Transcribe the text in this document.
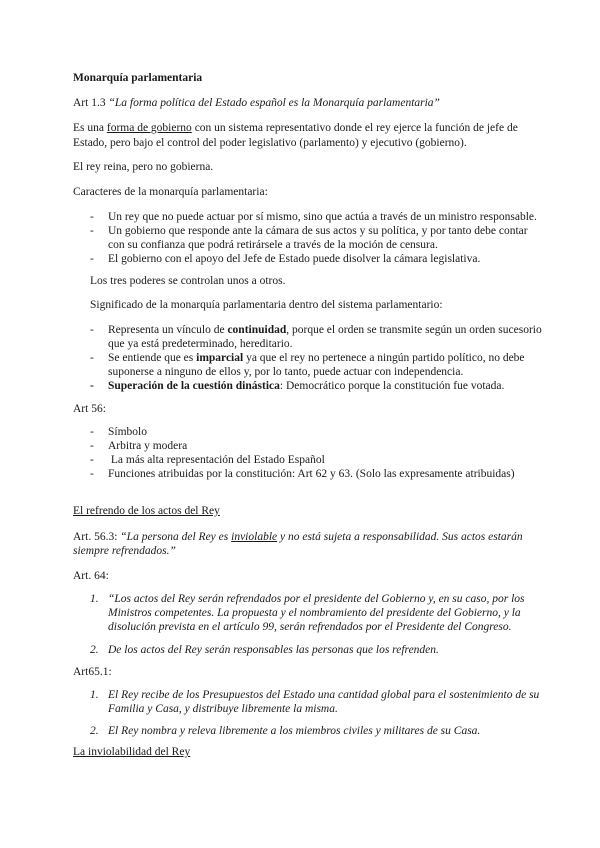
Monarquía parlamentaria
Art 1.3 “La forma política del Estado español es la Monarquía parlamentaria”
Es una forma de gobierno con un sistema representativo donde el rey ejerce la función de jefe de
Estado, pero bajo el control del poder legislativo (parlamento) y ejecutivo (gobierno).
El rey reina, pero no gobierna.
Caracteres de la monarquía parlamentaria:
- Un rey que no puede actuar por sí mismo, sino que actúa a través de un ministro responsable.
- Un gobierno que responde ante la cámara de sus actos y su política, y por tanto debe contar
con su confianza que podrá retirársele a través de la moción de censura.
- El gobierno con el apoyo del Jefe de Estado puede disolver la cámara legislativa.
Los tres poderes se controlan unos a otros.
Significado de la monarquía parlamentaria dentro del sistema parlamentario:
- Representa un vínculo de continuidad, porque el orden se transmite según un orden sucesorio
que ya está predeterminado, hereditario.
- Se entiende que es imparcial ya que el rey no pertenece a ningún partido político, no debe
suponerse a ninguno de ellos y, por lo tanto, puede actuar con independencia.
- Superación de la cuestión dinástica: Democrático porque la constitución fue votada.
Art 56:
- Símbolo
- Arbitra y modera
- La más alta representación del Estado Español
- Funciones atribuidas por la constitución: Art 62 y 63. (Solo las expresamente atribuidas)
El refrendo de los actos del Rey
Art. 56.3: “La persona del Rey es inviolable y no está sujeta a responsabilidad. Sus actos estarán
siempre refrendados.”
Art. 64:
1. “Los actos del Rey serán refrendados por el presidente del Gobierno y, en su caso, por los
Ministros competentes. La propuesta y el nombramiento del presidente del Gobierno, y la
disolución prevista en el artículo 99, serán refrendados por el Presidente del Congreso.
2. De los actos del Rey serán responsables las personas que los refrenden.
Art65.1:
1. El Rey recibe de los Presupuestos del Estado una cantidad global para el sostenimiento de su
Familia y Casa, y distribuye libremente la misma.
2. El Rey nombra y releva libremente a los miembros civiles y militares de su Casa.
La inviolabilidad del Rey
